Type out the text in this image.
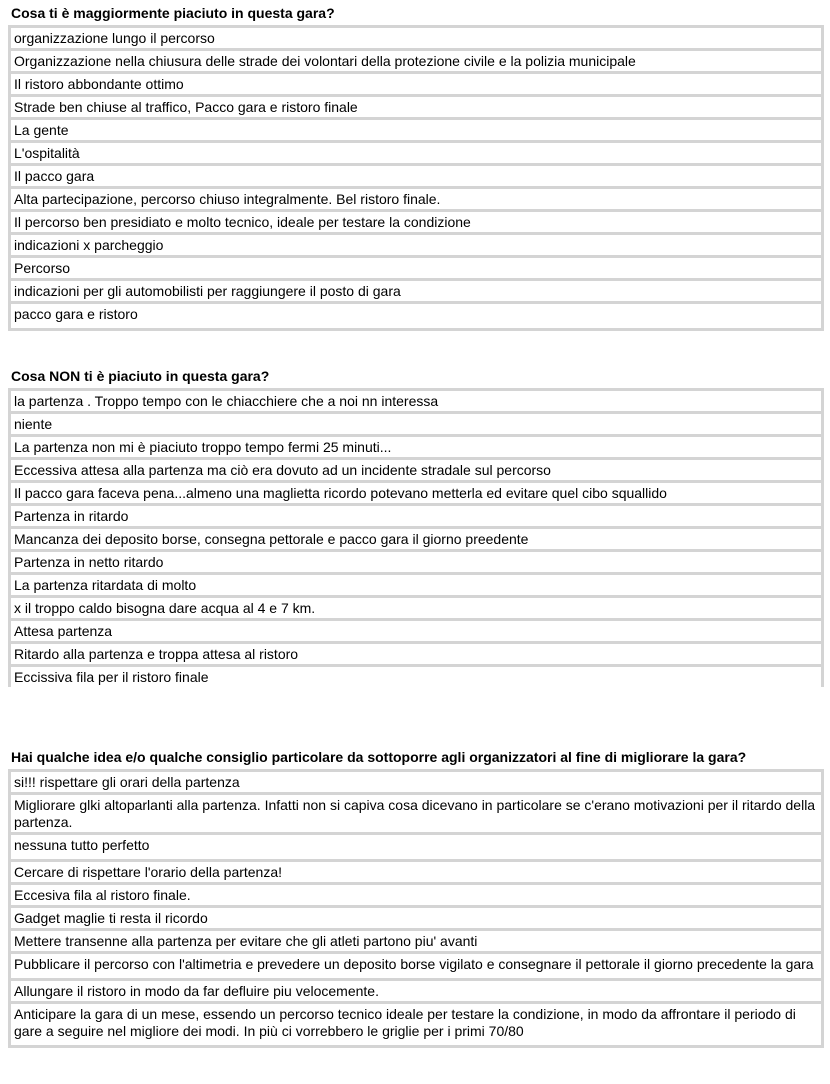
Cosa ti è maggiormente piaciuto in questa gara?
organizzazione lungo il percorso
Organizzazione nella chiusura delle strade dei volontari della protezione civile e la polizia municipale
Il ristoro abbondante ottimo
Strade ben chiuse al traffico, Pacco gara e ristoro finale
La gente
L'ospitalità
Il pacco gara
Alta partecipazione, percorso chiuso integralmente. Bel ristoro finale.
Il percorso ben presidiato e molto tecnico, ideale per testare la condizione
indicazioni x parcheggio
Percorso
indicazioni per gli automobilisti per raggiungere il posto di gara
pacco gara e ristoro
Cosa NON ti è piaciuto in questa gara?
la partenza . Troppo tempo con le chiacchiere che a noi nn interessa
niente
La partenza non mi è piaciuto troppo tempo fermi 25 minuti...
Eccessiva attesa alla partenza ma ciò era dovuto ad un incidente stradale sul percorso
Il pacco gara faceva pena...almeno una maglietta ricordo potevano metterla ed evitare quel cibo squallido
Partenza in ritardo
Mancanza dei deposito borse, consegna pettorale e pacco gara il giorno preedente
Partenza in netto ritardo
La partenza ritardata di molto
x il troppo caldo bisogna dare acqua al 4 e 7 km.
Attesa partenza
Ritardo alla partenza e troppa attesa al ristoro
Eccissiva fila per il ristoro finale
Hai qualche idea e/o qualche consiglio particolare da sottoporre agli organizzatori al fine di migliorare la gara?
si!!! rispettare gli orari della partenza
Migliorare glki altoparlanti alla partenza. Infatti non si capiva cosa dicevano in particolare se c'erano motivazioni per il ritardo della partenza.
nessuna tutto perfetto
Cercare di rispettare l'orario della partenza!
Eccesiva fila al ristoro finale.
Gadget maglie ti resta il ricordo
Mettere transenne alla partenza per evitare che gli atleti partono piu' avanti
Pubblicare il percorso con l'altimetria e prevedere un deposito borse vigilato e consegnare il pettorale il giorno precedente la gara
Allungare il ristoro in modo da far defluire piu velocemente.
Anticipare la gara di un mese, essendo un percorso tecnico ideale per testare la condizione, in modo da affrontare il periodo di gare a seguire nel migliore dei modi. In più ci vorrebbero le griglie per i primi 70/80
